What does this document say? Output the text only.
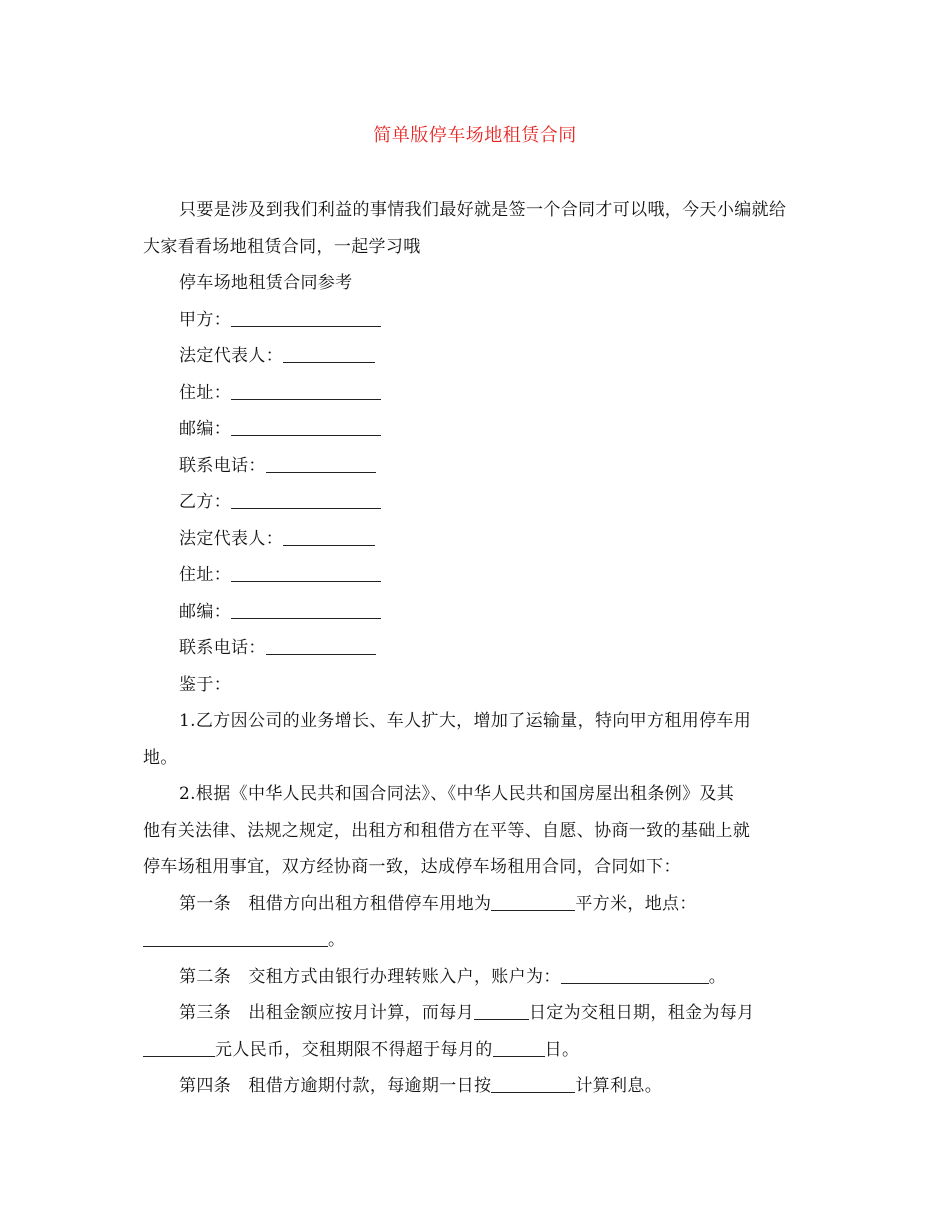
简单版停车场地租赁合同

只要是涉及到我们利益的事情我们最好就是签一个合同才可以哦，今天小编就给大家看看场地租赁合同，一起学习哦

停车场地租赁合同参考

甲方：

法定代表人：

住址：

邮编：

联系电话：

乙方：

法定代表人：

住址：

邮编：

联系电话：

鉴于：

1.乙方因公司的业务增长、车人扩大，增加了运输量，特向甲方租用停车用

地。

2.根据《中华人民共和国合同法》、《中华人民共和国房屋出租条例》及其

他有关法律、法规之规定，出租方和租借方在平等、自愿、协商一致的基础上就

停车场租用事宜，双方经协商一致，达成停车场租用合同，合同如下：

第一条　租借方向出租方租借停车用地为	平方米，地点：

。

第二条　交租方式由银行办理转账入户，账户为：	。

第三条　出租金额应按月计算，而每月	日定为交租日期，租金为每月

元人民币，交租期限不得超于每月的	日。

第四条　租借方逾期付款，每逾期一日按	计算利息。
